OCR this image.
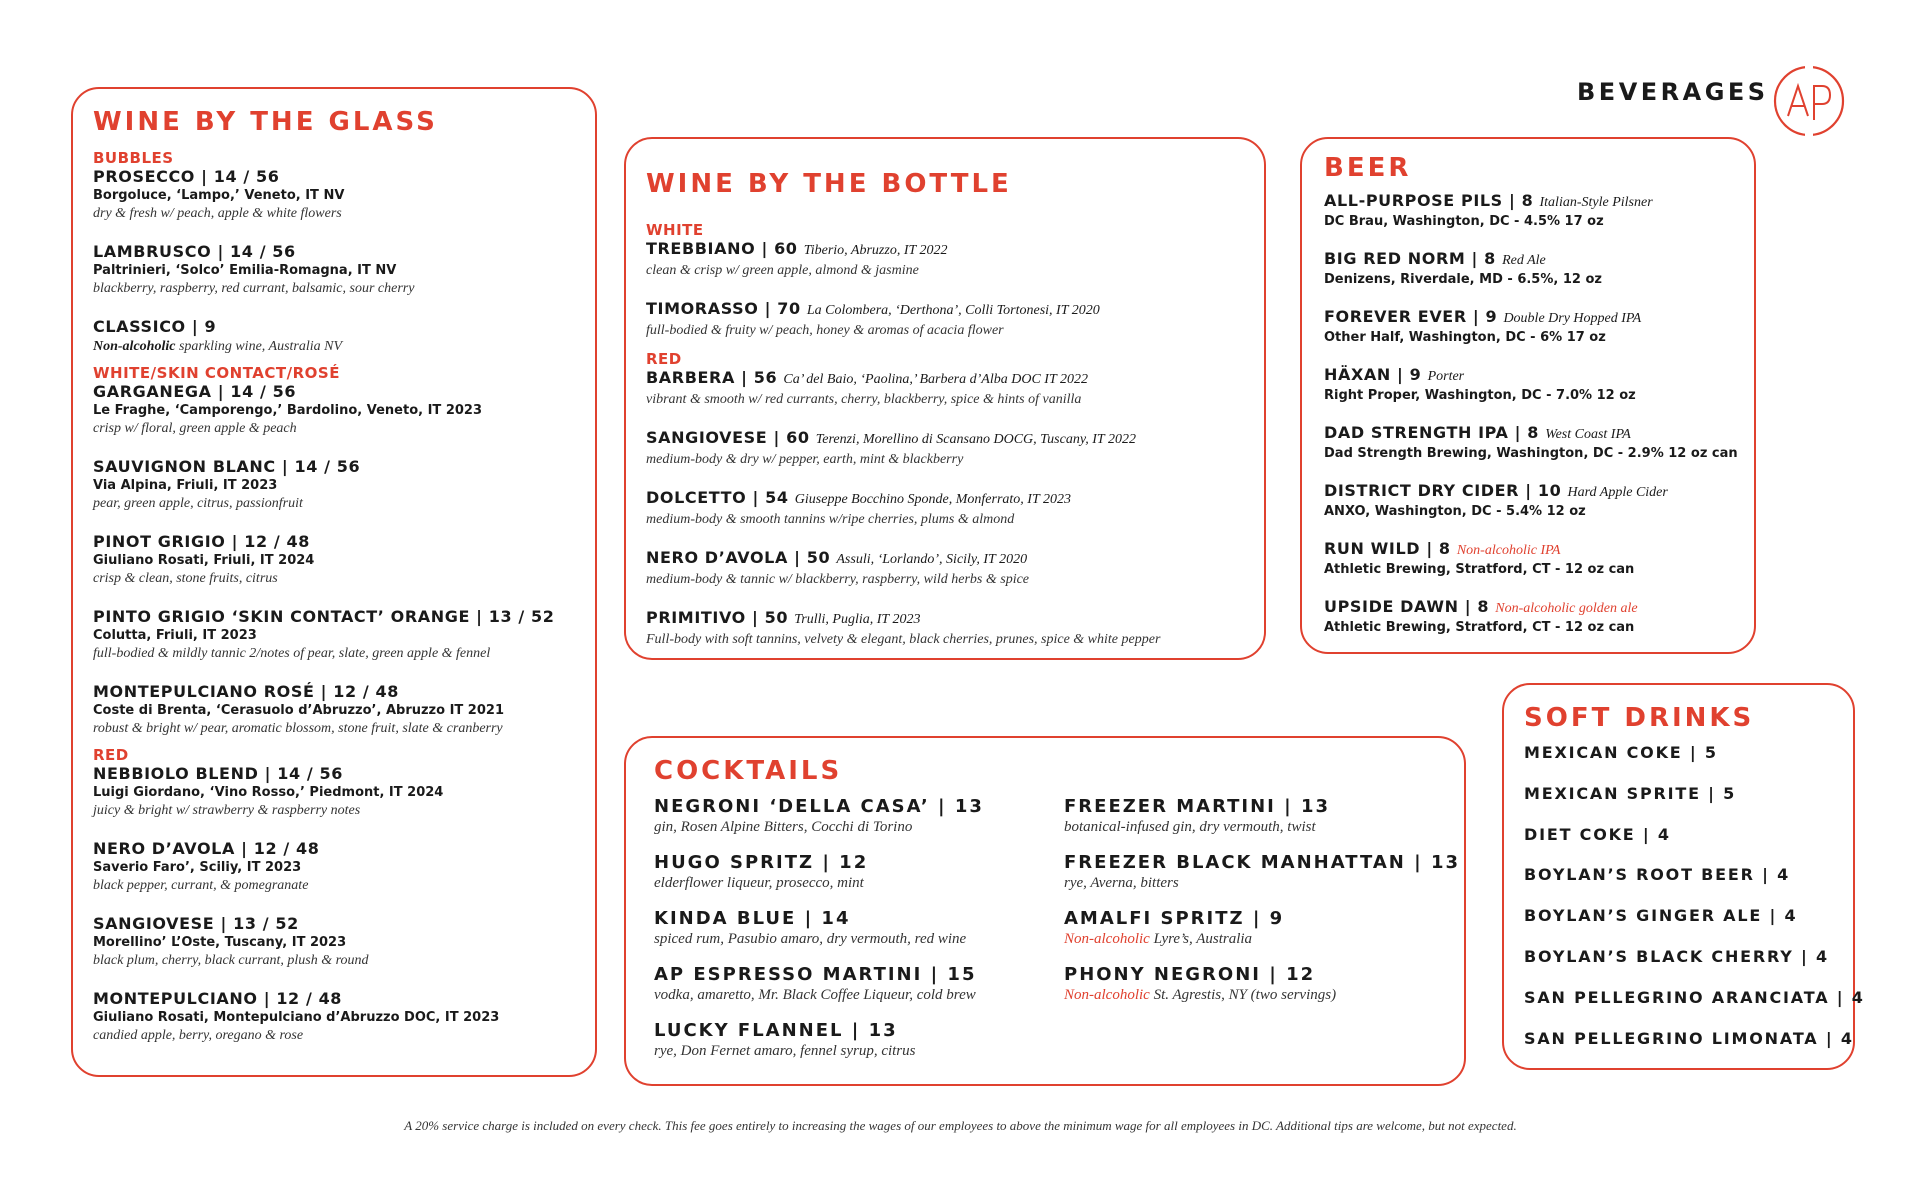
BEVERAGES
WINE BY THE GLASS
BUBBLES
PROSECCO | 14 / 56
Borgoluce, ‘Lampo,’ Veneto, IT NV
dry & fresh w/ peach, apple & white flowers
LAMBRUSCO | 14 / 56
Paltrinieri, ‘Solco’ Emilia-Romagna, IT NV
blackberry, raspberry, red currant, balsamic, sour cherry
CLASSICO | 9
Non-alcoholic sparkling wine, Australia NV
WHITE/SKIN CONTACT/ROSÉ
GARGANEGA | 14 / 56
Le Fraghe, ‘Camporengo,’ Bardolino, Veneto, IT 2023
crisp w/ floral, green apple & peach
SAUVIGNON BLANC | 14 / 56
Via Alpina, Friuli, IT 2023
pear, green apple, citrus, passionfruit
PINOT GRIGIO | 12 / 48
Giuliano Rosati, Friuli, IT 2024
crisp & clean, stone fruits, citrus
PINTO GRIGIO ‘SKIN CONTACT’ ORANGE | 13 / 52
Colutta, Friuli, IT 2023
full-bodied & mildly tannic 2/notes of pear, slate, green apple & fennel
MONTEPULCIANO ROSÉ | 12 / 48
Coste di Brenta, ‘Cerasuolo d’Abruzzo’, Abruzzo IT 2021
robust & bright w/ pear, aromatic blossom, stone fruit, slate & cranberry
RED
NEBBIOLO BLEND | 14 / 56
Luigi Giordano, ‘Vino Rosso,’ Piedmont, IT 2024
juicy & bright w/ strawberry & raspberry notes
NERO D’AVOLA | 12 / 48
Saverio Faro’, Sciliy, IT 2023
black pepper, currant, & pomegranate
SANGIOVESE | 13 / 52
Morellino’ L’Oste, Tuscany, IT 2023
black plum, cherry, black currant, plush & round
MONTEPULCIANO | 12 / 48
Giuliano Rosati, Montepulciano d’Abruzzo DOC, IT 2023
candied apple, berry, oregano & rose
WINE BY THE BOTTLE
WHITE
TREBBIANO | 60 Tiberio, Abruzzo, IT 2022
clean & crisp w/ green apple, almond & jasmine
TIMORASSO | 70 La Colombera, ‘Derthona’, Colli Tortonesi, IT 2020
full-bodied & fruity w/ peach, honey & aromas of acacia flower
RED
BARBERA | 56 Ca’ del Baio, ‘Paolina,’ Barbera d’Alba DOC IT 2022
vibrant & smooth w/ red currants, cherry, blackberry, spice & hints of vanilla
SANGIOVESE | 60 Terenzi, Morellino di Scansano DOCG, Tuscany, IT 2022
medium-body & dry w/ pepper, earth, mint & blackberry
DOLCETTO | 54 Giuseppe Bocchino Sponde, Monferrato, IT 2023
medium-body & smooth tannins w/ripe cherries, plums & almond
NERO D’AVOLA | 50 Assuli, ‘Lorlando’, Sicily, IT 2020
medium-body & tannic w/ blackberry, raspberry, wild herbs & spice
PRIMITIVO | 50 Trulli, Puglia, IT 2023
Full-body with soft tannins, velvety & elegant, black cherries, prunes, spice & white pepper
BEER
ALL-PURPOSE PILS | 8 Italian-Style Pilsner
DC Brau, Washington, DC - 4.5% 17 oz
BIG RED NORM | 8 Red Ale
Denizens, Riverdale, MD - 6.5%, 12 oz
FOREVER EVER | 9 Double Dry Hopped IPA
Other Half, Washington, DC - 6% 17 oz
HÄXAN | 9 Porter
Right Proper, Washington, DC - 7.0% 12 oz
DAD STRENGTH IPA | 8 West Coast IPA
Dad Strength Brewing, Washington, DC - 2.9% 12 oz can
DISTRICT DRY CIDER | 10 Hard Apple Cider
ANXO, Washington, DC - 5.4% 12 oz
RUN WILD | 8 Non-alcoholic IPA
Athletic Brewing, Stratford, CT - 12 oz can
UPSIDE DAWN | 8 Non-alcoholic golden ale
Athletic Brewing, Stratford, CT - 12 oz can
COCKTAILS
NEGRONI ‘DELLA CASA’ | 13
gin, Rosen Alpine Bitters, Cocchi di Torino
HUGO SPRITZ | 12
elderflower liqueur, prosecco, mint
KINDA BLUE | 14
spiced rum, Pasubio amaro, dry vermouth, red wine
AP ESPRESSO MARTINI | 15
vodka, amaretto, Mr. Black Coffee Liqueur, cold brew
LUCKY FLANNEL | 13
rye, Don Fernet amaro, fennel syrup, citrus
FREEZER MARTINI | 13
botanical-infused gin, dry vermouth, twist
FREEZER BLACK MANHATTAN | 13
rye, Averna, bitters
AMALFI SPRITZ | 9
Non-alcoholic Lyre’s, Australia
PHONY NEGRONI | 12
Non-alcoholic St. Agrestis, NY (two servings)
SOFT DRINKS
MEXICAN COKE | 5
MEXICAN SPRITE | 5
DIET COKE | 4
BOYLAN’S ROOT BEER | 4
BOYLAN’S GINGER ALE | 4
BOYLAN’S BLACK CHERRY | 4
SAN PELLEGRINO ARANCIATA | 4
SAN PELLEGRINO LIMONATA | 4
A 20% service charge is included on every check. This fee goes entirely to increasing the wages of our employees to above the minimum wage for all employees in DC. Additional tips are welcome, but not expected.
